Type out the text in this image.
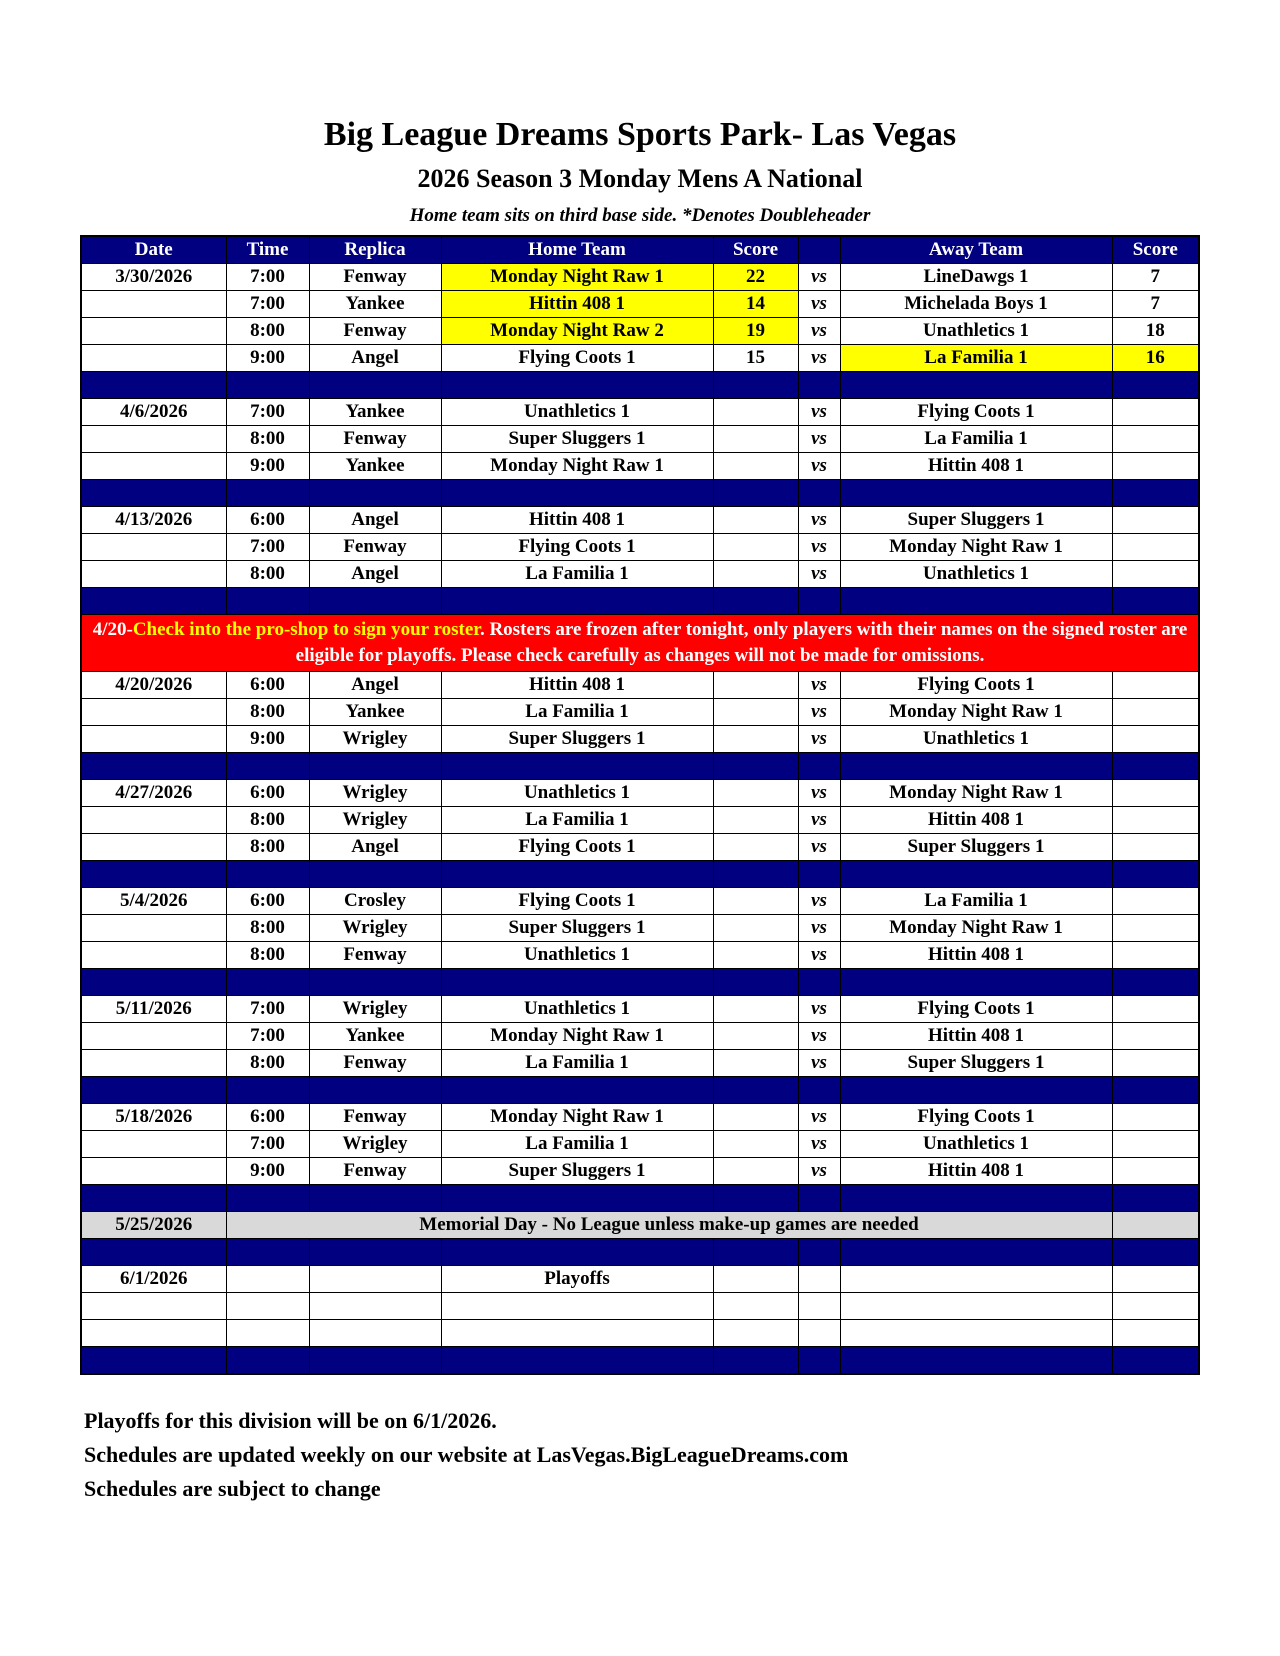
Big League Dreams Sports Park- Las Vegas
2026 Season 3 Monday Mens A National
Home team sits on third base side. *Denotes Doubleheader
Date	Time	Replica	Home Team	Score		Away Team	Score
3/30/2026	7:00	Fenway	Monday Night Raw 1	22	vs	LineDawgs 1	7
	7:00	Yankee	Hittin 408 1	14	vs	Michelada Boys 1	7
	8:00	Fenway	Monday Night Raw 2	19	vs	Unathletics 1	18
	9:00	Angel	Flying Coots 1	15	vs	La Familia 1	16

4/6/2026	7:00	Yankee	Unathletics 1		vs	Flying Coots 1	
	8:00	Fenway	Super Sluggers 1		vs	La Familia 1	
	9:00	Yankee	Monday Night Raw 1		vs	Hittin 408 1	

4/13/2026	6:00	Angel	Hittin 408 1		vs	Super Sluggers 1	
	7:00	Fenway	Flying Coots 1		vs	Monday Night Raw 1	
	8:00	Angel	La Familia 1		vs	Unathletics 1	

4/20-Check into the pro-shop to sign your roster. Rosters are frozen after tonight, only players with their names on the signed roster are eligible for playoffs. Please check carefully as changes will not be made for omissions.							
4/20/2026	6:00	Angel	Hittin 408 1		vs	Flying Coots 1	
	8:00	Yankee	La Familia 1		vs	Monday Night Raw 1	
	9:00	Wrigley	Super Sluggers 1		vs	Unathletics 1	

4/27/2026	6:00	Wrigley	Unathletics 1		vs	Monday Night Raw 1	
	8:00	Wrigley	La Familia 1		vs	Hittin 408 1	
	8:00	Angel	Flying Coots 1		vs	Super Sluggers 1	

5/4/2026	6:00	Crosley	Flying Coots 1		vs	La Familia 1	
	8:00	Wrigley	Super Sluggers 1		vs	Monday Night Raw 1	
	8:00	Fenway	Unathletics 1		vs	Hittin 408 1	

5/11/2026	7:00	Wrigley	Unathletics 1		vs	Flying Coots 1	
	7:00	Yankee	Monday Night Raw 1		vs	Hittin 408 1	
	8:00	Fenway	La Familia 1		vs	Super Sluggers 1	

5/18/2026	6:00	Fenway	Monday Night Raw 1		vs	Flying Coots 1	
	7:00	Wrigley	La Familia 1		vs	Unathletics 1	
	9:00	Fenway	Super Sluggers 1		vs	Hittin 408 1	

5/25/2026	Memorial Day - No League unless make-up games are needed						

6/1/2026			Playoffs				

Playoffs for this division will be on 6/1/2026.
Schedules are updated weekly on our website at LasVegas.BigLeagueDreams.com
Schedules are subject to change
